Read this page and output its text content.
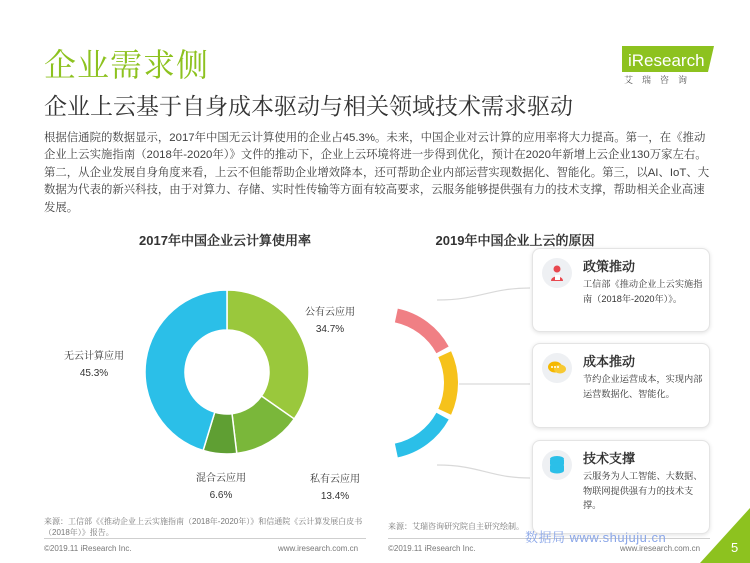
企业需求侧
企业上云基于自身成本驱动与相关领域技术需求驱动
iResearch
艾瑞咨询
根据信通院的数据显示，2017年中国无云计算使用的企业占45.3%。未来，中国企业对云计算的应用率将大力提高。第一，在《推动企业上云实施指南（2018年-2020年）》文件的推动下，企业上云环境将进一步得到优化，预计在2020年新增上云企业130万家左右。第二，从企业发展自身角度来看，上云不但能帮助企业增效降本，还可帮助企业内部运营实现数据化、智能化。第三，以AI、IoT、大数据为代表的新兴科技，由于对算力、存储、实时性传输等方面有较高要求，云服务能够提供强有力的技术支撑，帮助相关企业高速发展。
2017年中国企业云计算使用率	2019年中国企业上云的原因
公有云应用
34.7%
私有云应用
13.4%
混合云应用
6.6%
无云计算应用
45.3%
政策推动
工信部《推动企业上云实施指南（2018年-2020年）》。
成本推动
节约企业运营成本，实现内部运营数据化、智能化。
技术支撑
云服务为人工智能、大数据、物联网提供强有力的技术支撑。
来源：工信部《《推动企业上云实施指南（2018年-2020年）》和信通院《云计算发展白皮书（2018年）》报告。
来源：艾瑞咨询研究院自主研究绘制。
©2019.11 iResearch Inc.	www.iresearch.com.cn	©2019.11 iResearch Inc.	www.iresearch.com.cn
数据局 www.shujuju.cn
5
